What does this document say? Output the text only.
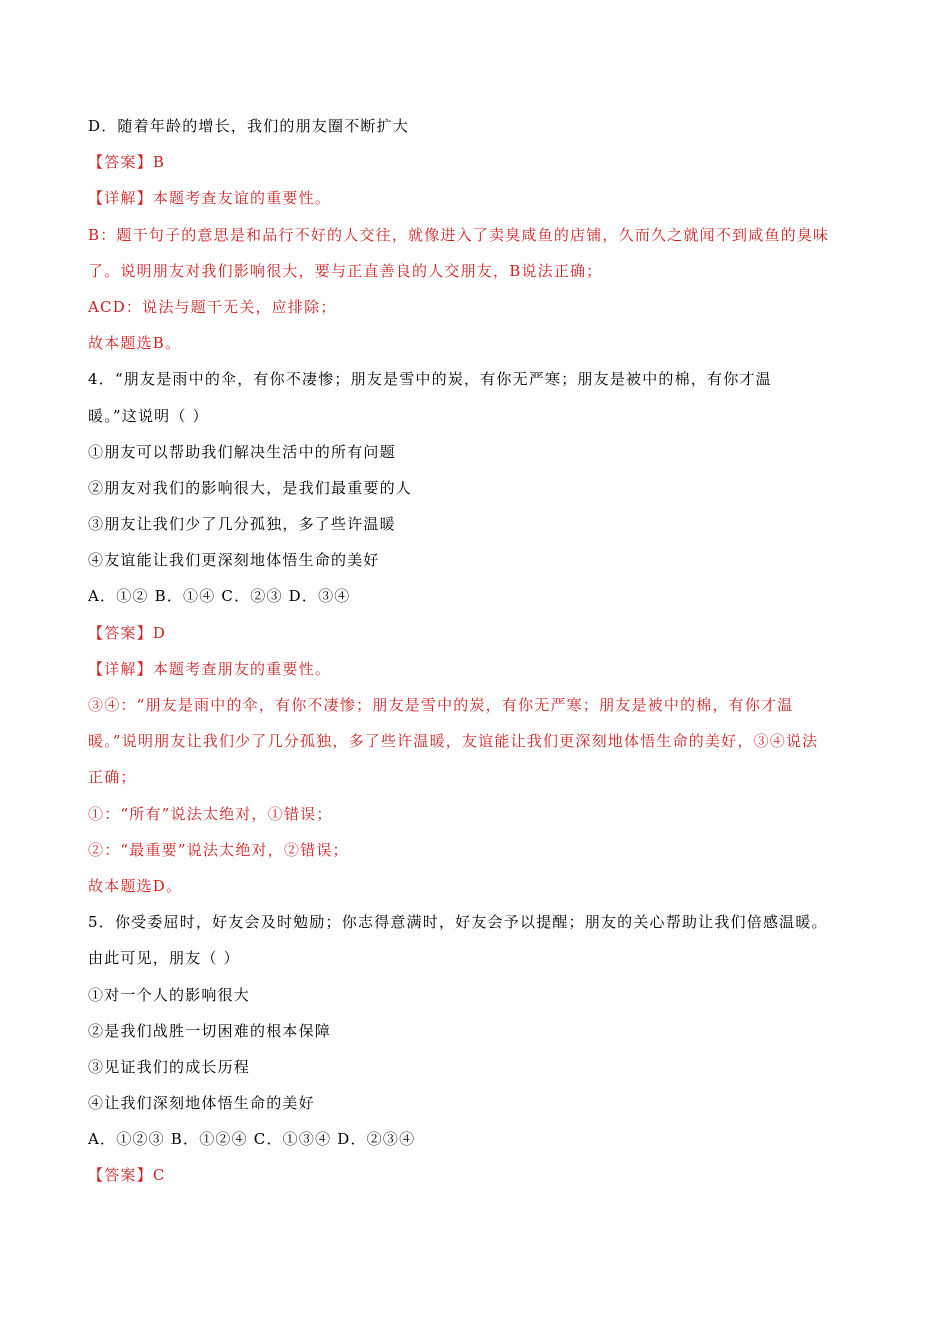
D．随着年龄的增长，我们的朋友圈不断扩大
【答案】B
【详解】本题考查友谊的重要性。
B：题干句子的意思是和品行不好的人交往，就像进入了卖臭咸鱼的店铺，久而久之就闻不到咸鱼的臭味
了。说明朋友对我们影响很大，要与正直善良的人交朋友，B说法正确；
ACD：说法与题干无关，应排除；
故本题选B。
4．“朋友是雨中的伞，有你不凄惨；朋友是雪中的炭，有你无严寒；朋友是被中的棉，有你才温
暖。”这说明（ ）
①朋友可以帮助我们解决生活中的所有问题
②朋友对我们的影响很大，是我们最重要的人
③朋友让我们少了几分孤独，多了些许温暖
④友谊能让我们更深刻地体悟生命的美好
A．①② B．①④ C．②③ D．③④
【答案】D
【详解】本题考查朋友的重要性。
③④：“朋友是雨中的伞，有你不凄惨；朋友是雪中的炭，有你无严寒；朋友是被中的棉，有你才温
暖。”说明朋友让我们少了几分孤独，多了些许温暖，友谊能让我们更深刻地体悟生命的美好，③④说法
正确；
①：“所有”说法太绝对，①错误；
②：“最重要”说法太绝对，②错误；
故本题选D。
5．你受委屈时，好友会及时勉励；你志得意满时，好友会予以提醒；朋友的关心帮助让我们倍感温暖。
由此可见，朋友（ ）
①对一个人的影响很大
②是我们战胜一切困难的根本保障
③见证我们的成长历程
④让我们深刻地体悟生命的美好
A．①②③ B．①②④ C．①③④ D．②③④
【答案】C
